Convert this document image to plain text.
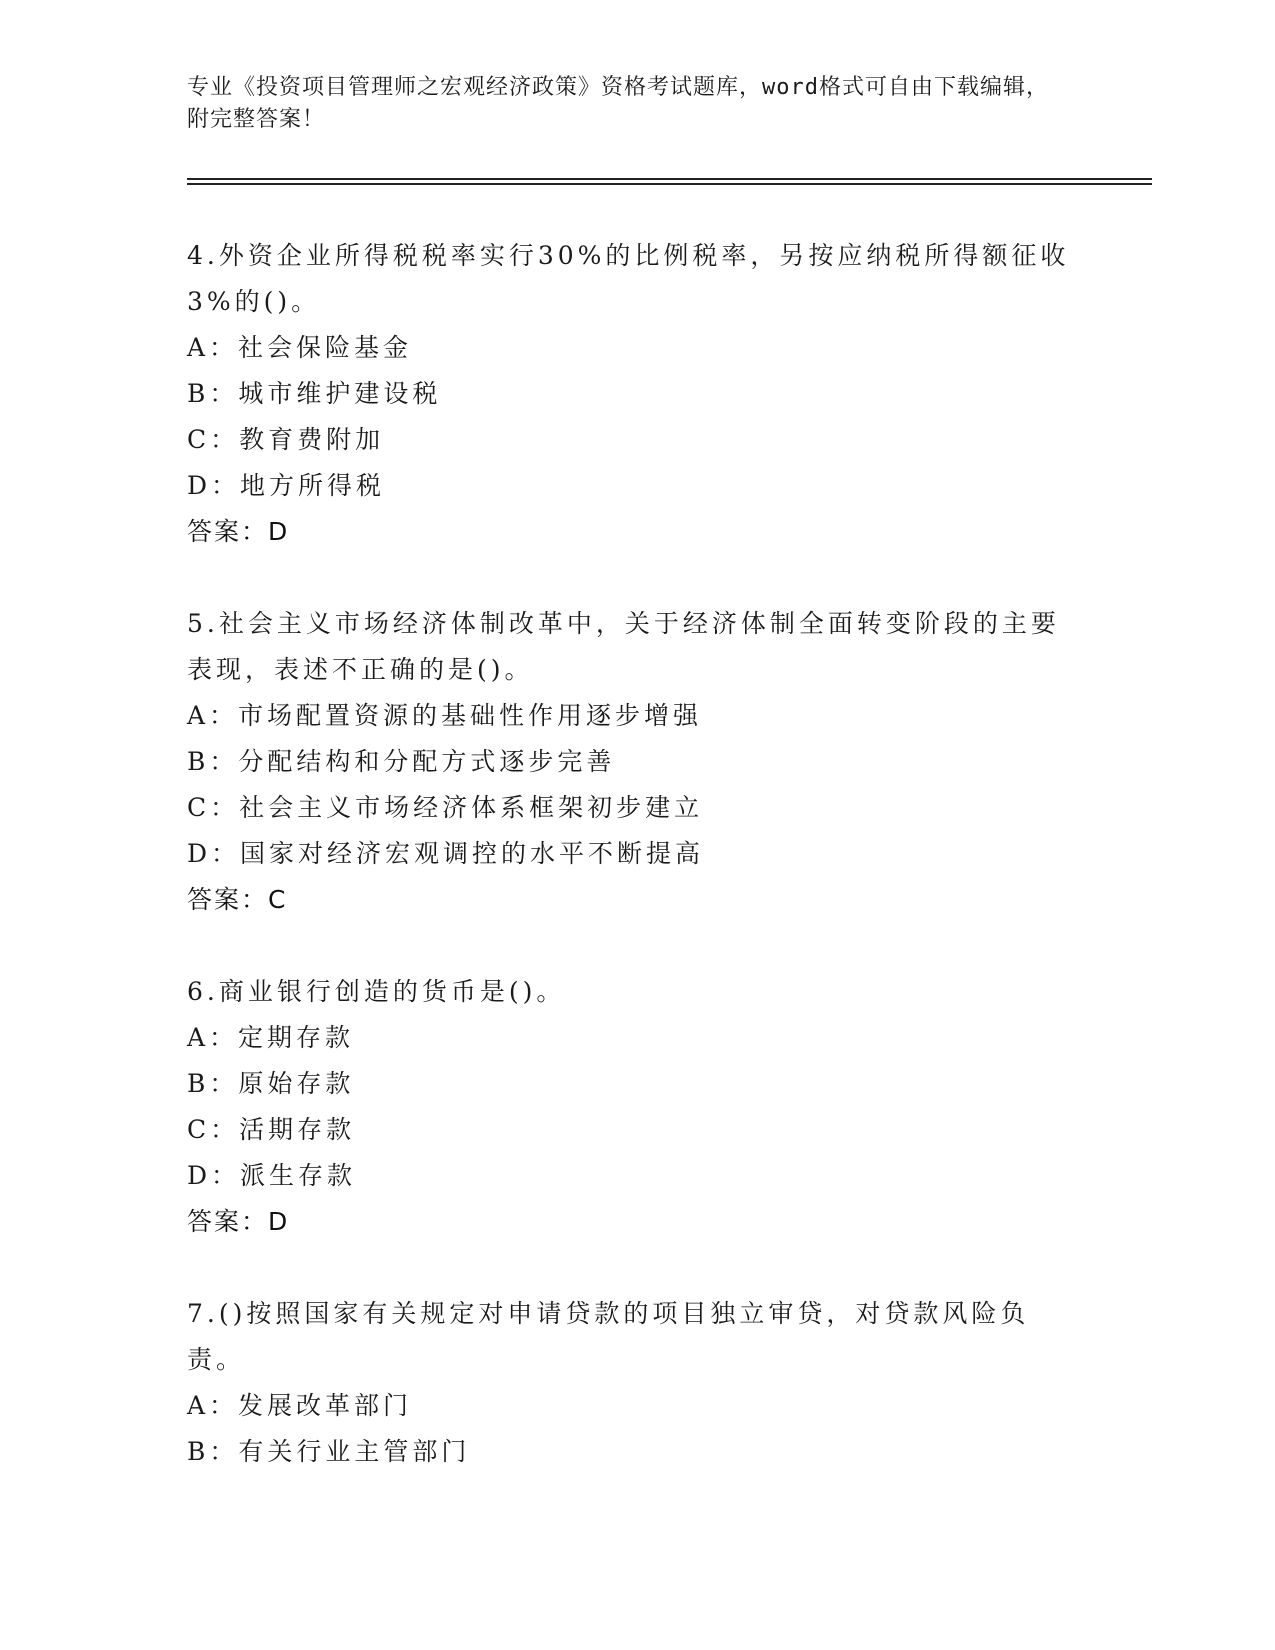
专业《投资项目管理师之宏观经济政策》资格考试题库，word格式可自由下载编辑，附完整答案！

4.外资企业所得税税率实行30%的比例税率，另按应纳税所得额征收3%的()。

A：社会保险基金

B：城市维护建设税

C：教育费附加

D：地方所得税

答案：D

5.社会主义市场经济体制改革中，关于经济体制全面转变阶段的主要表现，表述不正确的是()。

A：市场配置资源的基础性作用逐步增强

B：分配结构和分配方式逐步完善

C：社会主义市场经济体系框架初步建立

D：国家对经济宏观调控的水平不断提高

答案：C

6.商业银行创造的货币是()。

A：定期存款

B：原始存款

C：活期存款

D：派生存款

答案：D

7.()按照国家有关规定对申请贷款的项目独立审贷，对贷款风险负责。

A：发展改革部门

B：有关行业主管部门
